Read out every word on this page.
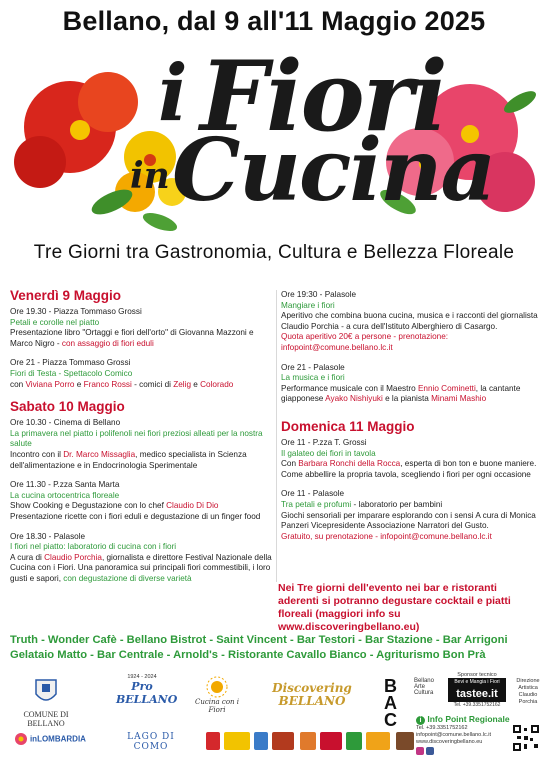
Bellano, dal 9 all'11 Maggio 2025
i Fiori
in Cucina
Tre Giorni tra Gastronomia, Cultura e Bellezza Floreale
Venerdì 9 Maggio
Ore 19.30 - Piazza Tommaso Grossi
Petali e corolle nel piatto
Presentazione libro "Ortaggi e fiori dell'orto" di Giovanna Mazzoni e Marco Nigro - con assaggio di fiori eduli
Ore 21 - Piazza Tommaso Grossi
Fiori di Testa - Spettacolo Comico
con Viviana Porro e Franco Rossi - comici di Zelig e Colorado
Sabato 10 Maggio
Ore 10.30 - Cinema di Bellano
La primavera nel piatto i polifenoli nei fiori preziosi alleati per la nostra salute
Incontro con il Dr. Marco Missaglia, medico specialista in Scienza dell'alimentazione e in Endocrinologia Sperimentale
Ore 11.30 - P.zza Santa Marta
La cucina ortocentrica floreale
Show Cooking e Degustazione con lo chef Claudio Di Dio
Presentazione ricette con i fiori eduli e degustazione di un finger food
Ore 18.30 - Palasole
I fiori nel piatto: laboratorio di cucina con i fiori
A cura di Claudio Porchia, giornalista e direttore Festival Nazionale della Cucina con i Fiori. Una panoramica sui principali fiori commestibili, i loro gusti e sapori, con degustazione di diverse varietà
Ore 19:30 - Palasole
Mangiare i fiori
Aperitivo che combina buona cucina, musica e i racconti del giornalista Claudio Porchia - a cura dell'Istituto Alberghiero di Casargo.
Quota aperitivo 20€ a persone - prenotazione: infopoint@comune.bellano.lc.it
Ore 21 - Palasole
La musica e i fiori
Performance musicale con il Maestro Ennio Cominetti, la cantante giapponese Ayako Nishiyuki e la pianista Minami Mashio
Domenica 11 Maggio
Ore 11 - P.zza T. Grossi
Il galateo dei fiori in tavola
Con Barbara Ronchi della Rocca, esperta di bon ton e buone maniere. Come abbellire la propria tavola, scegliendo i fiori per ogni occasione
Ore 11 - Palasole
Tra petali e profumi - laboratorio per bambini
Giochi sensoriali per imparare esplorando con i sensi A cura di Monica Panzeri Vicepresidente Associazione Narratori del Gusto.
Gratuito, su prenotazione - infopoint@comune.bellano.lc.it
Nei Tre giorni dell'evento nei bar e ristoranti aderenti si potranno degustare cocktail e piatti floreali (maggiori info su www.discoveringbellano.eu)
Truth - Wonder Cafè - Bellano Bistrot - Saint Vincent - Bar Testori - Bar Stazione - Bar Arrigoni
Gelataio Matto - Bar Centrale - Arnold's - Ristorante Cavallo Bianco - Agriturismo Bon Prà
COMUNE DI BELLANO
1924 - 2024
Pro BELLANO	Cucina con i Fiori
Discovering BELLANO
B A C Bellano Arte Cultura
Sponsor tecnico
Bevi e Mangia i Fiori
tastee.it
Tel. +39.3351752162
Direzione Artistica Claudio Porchia
inLOMBARDIA	LAGO DI COMO
i Info Point Regionale
Tel. +39.3351752162
infopoint@comune.bellano.lc.it
www.discoveringbellano.eu
